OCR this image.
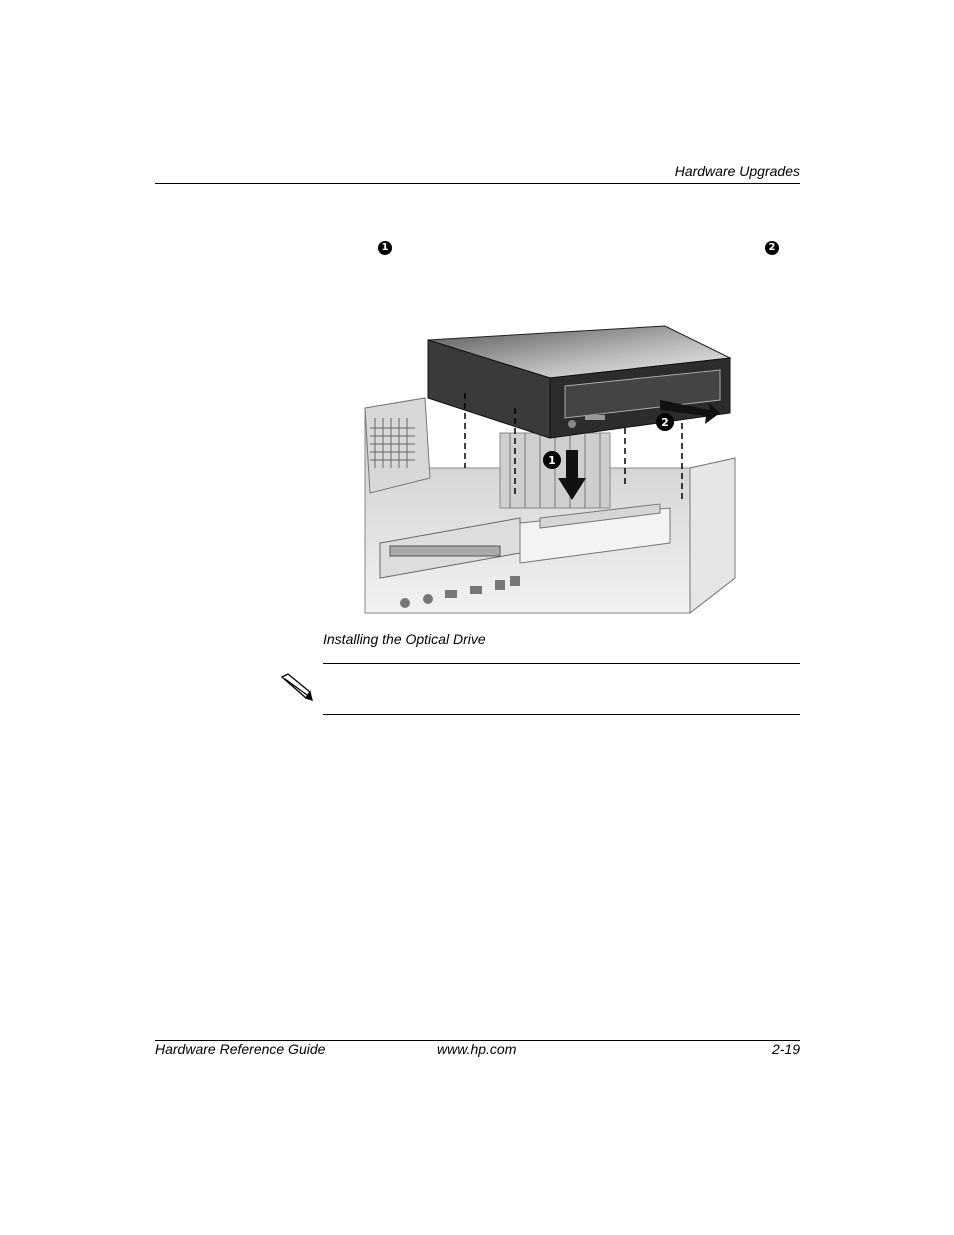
Hardware Upgrades
1	2
1
2
Installing the Optical Drive
Hardware Reference Guide	www.hp.com	2-19
